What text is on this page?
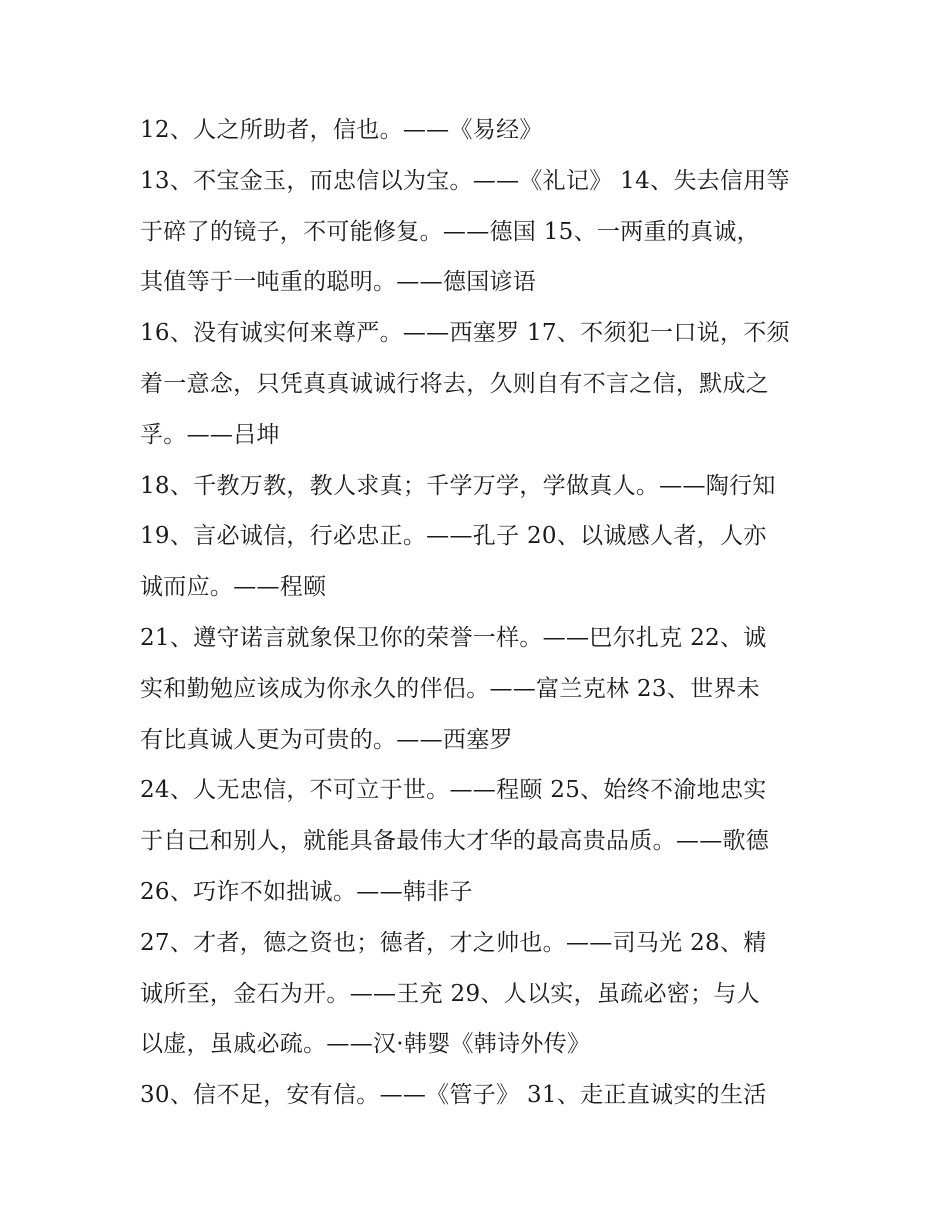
12、人之所助者，信也。——《易经》
13、不宝金玉，而忠信以为宝。——《礼记》 14、失去信用等
于碎了的镜子，不可能修复。——德国 15、一两重的真诚，
其值等于一吨重的聪明。——德国谚语
16、没有诚实何来尊严。——西塞罗 17、不须犯一口说，不须
着一意念，只凭真真诚诚行将去，久则自有不言之信，默成之
孚。——吕坤
18、千教万教，教人求真；千学万学，学做真人。——陶行知
19、言必诚信，行必忠正。——孔子 20、以诚感人者，人亦
诚而应。——程颐
21、遵守诺言就象保卫你的荣誉一样。——巴尔扎克 22、诚
实和勤勉应该成为你永久的伴侣。——富兰克林 23、世界未
有比真诚人更为可贵的。——西塞罗
24、人无忠信，不可立于世。——程颐 25、始终不渝地忠实
于自己和别人，就能具备最伟大才华的最高贵品质。——歌德
26、巧诈不如拙诚。——韩非子
27、才者，德之资也；德者，才之帅也。——司马光 28、精
诚所至，金石为开。——王充 29、人以实，虽疏必密；与人
以虚，虽戚必疏。——汉·韩婴《韩诗外传》
30、信不足，安有信。——《管子》 31、走正直诚实的生活
